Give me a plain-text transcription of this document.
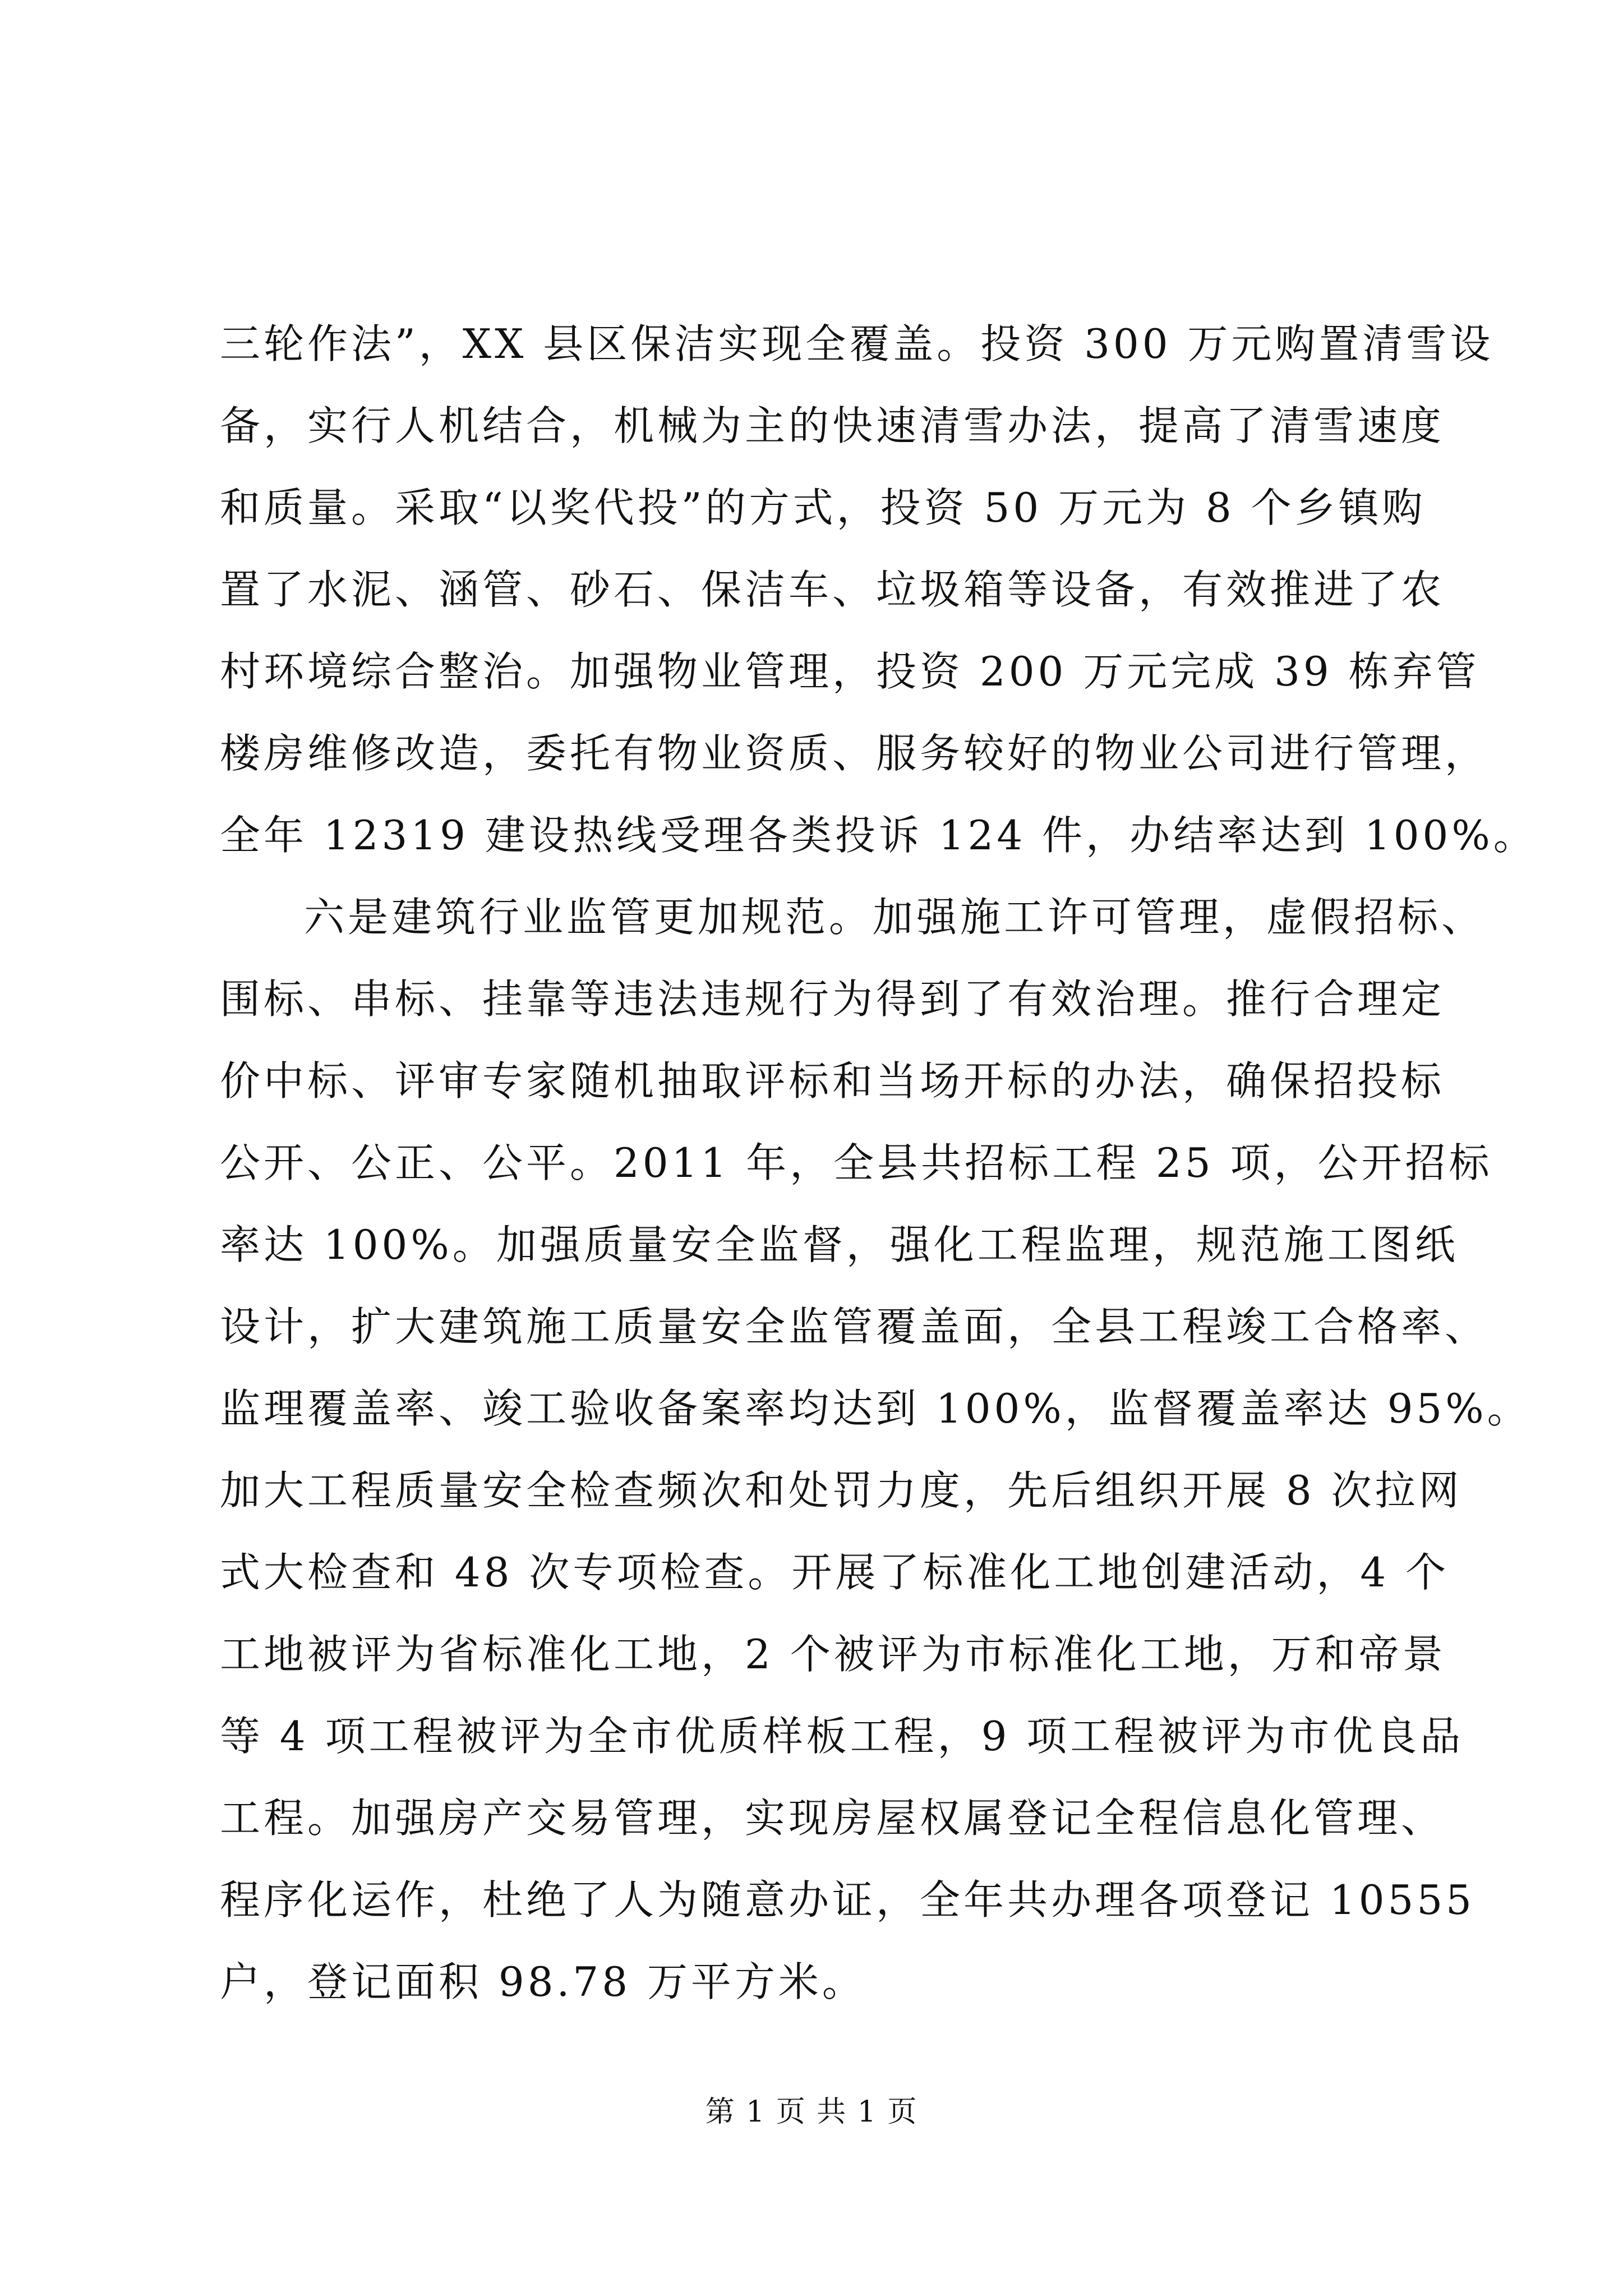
三轮作法”，XX 县区保洁实现全覆盖。投资 300 万元购置清雪设
备，实行人机结合，机械为主的快速清雪办法，提高了清雪速度
和质量。采取“以奖代投”的方式，投资 50 万元为 8 个乡镇购
置了水泥、涵管、砂石、保洁车、垃圾箱等设备，有效推进了农
村环境综合整治。加强物业管理，投资 200 万元完成 39 栋弃管
楼房维修改造，委托有物业资质、服务较好的物业公司进行管理，
全年 12319 建设热线受理各类投诉 124 件，办结率达到 100%。
六是建筑行业监管更加规范。加强施工许可管理，虚假招标、
围标、串标、挂靠等违法违规行为得到了有效治理。推行合理定
价中标、评审专家随机抽取评标和当场开标的办法，确保招投标
公开、公正、公平。2011 年，全县共招标工程 25 项，公开招标
率达 100%。加强质量安全监督，强化工程监理，规范施工图纸
设计，扩大建筑施工质量安全监管覆盖面，全县工程竣工合格率、
监理覆盖率、竣工验收备案率均达到 100%，监督覆盖率达 95%。
加大工程质量安全检查频次和处罚力度，先后组织开展 8 次拉网
式大检查和 48 次专项检查。开展了标准化工地创建活动，4 个
工地被评为省标准化工地，2 个被评为市标准化工地，万和帝景
等 4 项工程被评为全市优质样板工程，9 项工程被评为市优良品
工程。加强房产交易管理，实现房屋权属登记全程信息化管理、
程序化运作，杜绝了人为随意办证，全年共办理各项登记 10555
户，登记面积 98.78 万平方米。
第 1 页 共 1 页
